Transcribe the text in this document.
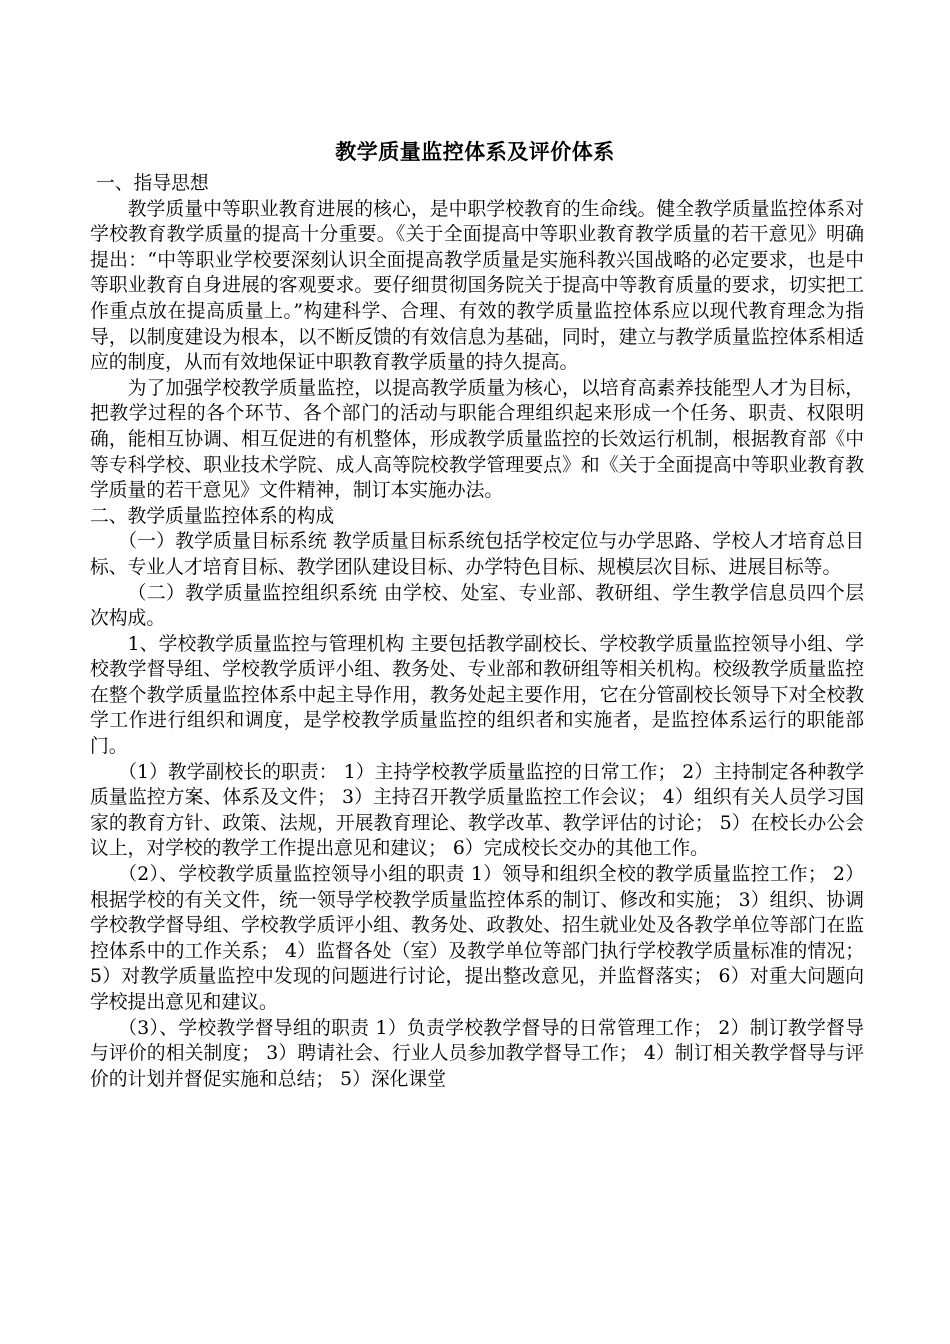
教学质量监控体系及评价体系

一、指导思想

教学质量中等职业教育进展的核心，是中职学校教育的生命线。健全教学质量监控体系对学校教育教学质量的提高十分重要。《关于全面提高中等职业教育教学质量的若干意见》明确提出：“中等职业学校要深刻认识全面提高教学质量是实施科教兴国战略的必定要求，也是中等职业教育自身进展的客观要求。要仔细贯彻国务院关于提高中等教育质量的要求，切实把工作重点放在提高质量上。”构建科学、合理、有效的教学质量监控体系应以现代教育理念为指导，以制度建设为根本，以不断反馈的有效信息为基础，同时，建立与教学质量监控体系相适应的制度，从而有效地保证中职教育教学质量的持久提高。

为了加强学校教学质量监控，以提高教学质量为核心，以培育高素养技能型人才为目标，把教学过程的各个环节、各个部门的活动与职能合理组织起来形成一个任务、职责、权限明确，能相互协调、相互促进的有机整体，形成教学质量监控的长效运行机制，根据教育部《中等专科学校、职业技术学院、成人高等院校教学管理要点》和《关于全面提高中等职业教育教学质量的若干意见》文件精神，制订本实施办法。

二、教学质量监控体系的构成

（一）教学质量目标系统 教学质量目标系统包括学校定位与办学思路、学校人才培育总目标、专业人才培育目标、教学团队建设目标、办学特色目标、规模层次目标、进展目标等。

（二）教学质量监控组织系统 由学校、处室、专业部、教研组、学生教学信息员四个层次构成。

1、学校教学质量监控与管理机构 主要包括教学副校长、学校教学质量监控领导小组、学校教学督导组、学校教学质评小组、教务处、专业部和教研组等相关机构。校级教学质量监控在整个教学质量监控体系中起主导作用，教务处起主要作用，它在分管副校长领导下对全校教学工作进行组织和调度，是学校教学质量监控的组织者和实施者，是监控体系运行的职能部门。

（1）教学副校长的职责： 1）主持学校教学质量监控的日常工作； 2）主持制定各种教学质量监控方案、体系及文件； 3）主持召开教学质量监控工作会议； 4）组织有关人员学习国家的教育方针、政策、法规，开展教育理论、教学改革、教学评估的讨论； 5）在校长办公会议上，对学校的教学工作提出意见和建议； 6）完成校长交办的其他工作。

（2）、学校教学质量监控领导小组的职责 1）领导和组织全校的教学质量监控工作； 2）根据学校的有关文件，统一领导学校教学质量监控体系的制订、修改和实施； 3）组织、协调学校教学督导组、学校教学质评小组、教务处、政教处、招生就业处及各教学单位等部门在监控体系中的工作关系； 4）监督各处（室）及教学单位等部门执行学校教学质量标准的情况； 5）对教学质量监控中发现的问题进行讨论，提出整改意见，并监督落实； 6）对重大问题向学校提出意见和建议。

（3）、学校教学督导组的职责 1）负责学校教学督导的日常管理工作； 2）制订教学督导与评价的相关制度； 3）聘请社会、行业人员参加教学督导工作； 4）制订相关教学督导与评价的计划并督促实施和总结； 5）深化课堂
